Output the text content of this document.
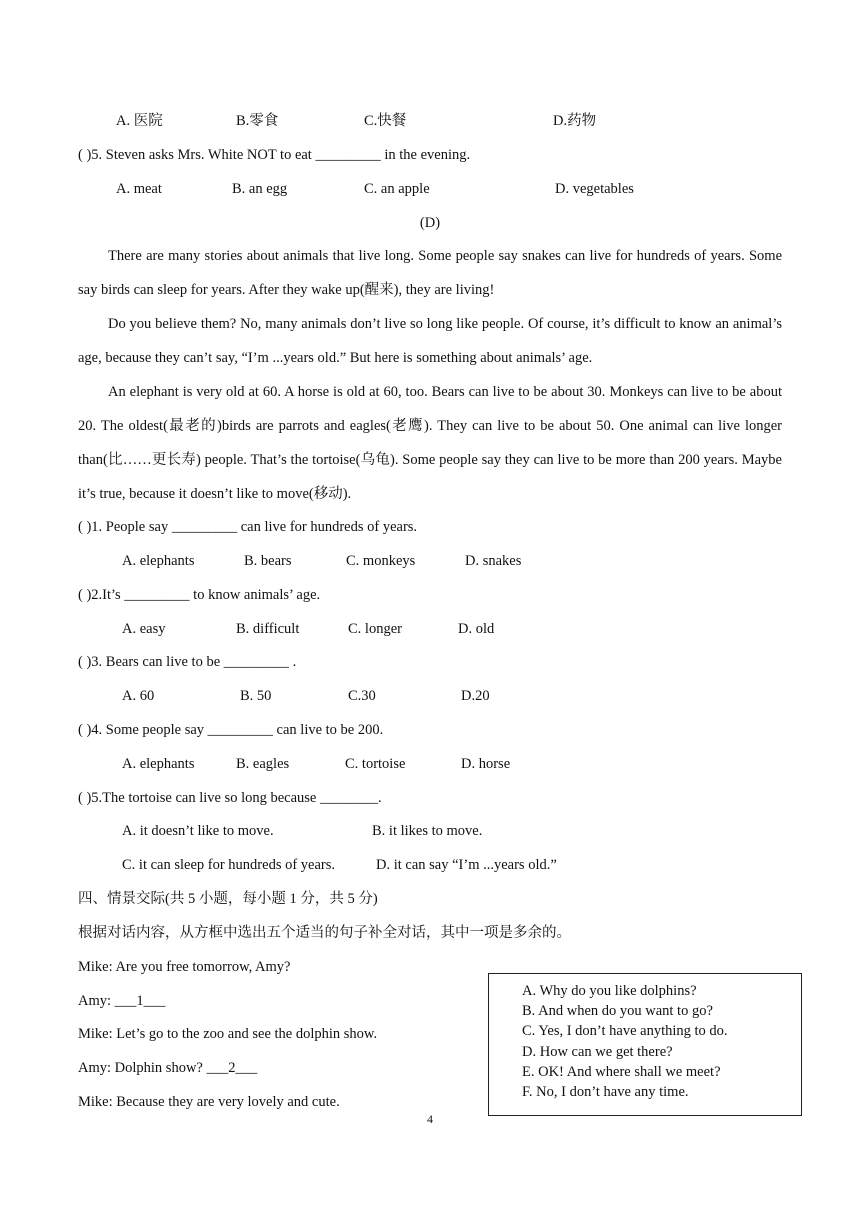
A. 医院	B.零食	C.快餐	D.药物
( )5. Steven asks Mrs. White NOT to eat _________ in the evening.
A. meat	B. an egg	C. an apple	D. vegetables
(D)
There are many stories about animals that live long. Some people say snakes can live for hundreds of years. Some say birds can sleep for years. After they wake up(醒来), they are living!
Do you believe them? No, many animals don’t live so long like people. Of course, it’s difficult to know an animal’s age, because they can’t say, “I’m ...years old.” But here is something about animals’ age.
An elephant is very old at 60. A horse is old at 60, too. Bears can live to be about 30. Monkeys can live to be about 20. The oldest(最老的)birds are parrots and eagles(老鹰). They can live to be about 50. One animal can live longer than(比……更长寿) people. That’s the tortoise(乌龟). Some people say they can live to be more than 200 years. Maybe it’s true, because it doesn’t like to move(移动).
( )1. People say _________ can live for hundreds of years.
A. elephants	B. bears	C. monkeys	D. snakes
( )2.It’s _________ to know animals’ age.
A. easy	B. difficult	C. longer	D. old
( )3. Bears can live to be _________ .
A. 60	B. 50	C.30	D.20
( )4. Some people say _________ can live to be 200.
A. elephants	B. eagles	C. tortoise	D. horse
( )5.The tortoise can live so long because ________.
A. it doesn’t like to move.	B. it likes to move.
C. it can sleep for hundreds of years.	D. it can say “I’m ...years old.”
四、情景交际(共 5 小题，每小题 1 分，共 5 分)
根据对话内容，从方框中选出五个适当的句子补全对话，其中一项是多余的。
Mike: Are you free tomorrow, Amy?
Amy: ___1___
Mike: Let’s go to the zoo and see the dolphin show.
Amy: Dolphin show? ___2___
Mike: Because they are very lovely and cute.
A. Why do you like dolphins?
B. And when do you want to go?
C. Yes, I don’t have anything to do.
D. How can we get there?
E. OK! And where shall we meet?
F. No, I don’t have any time.
4
